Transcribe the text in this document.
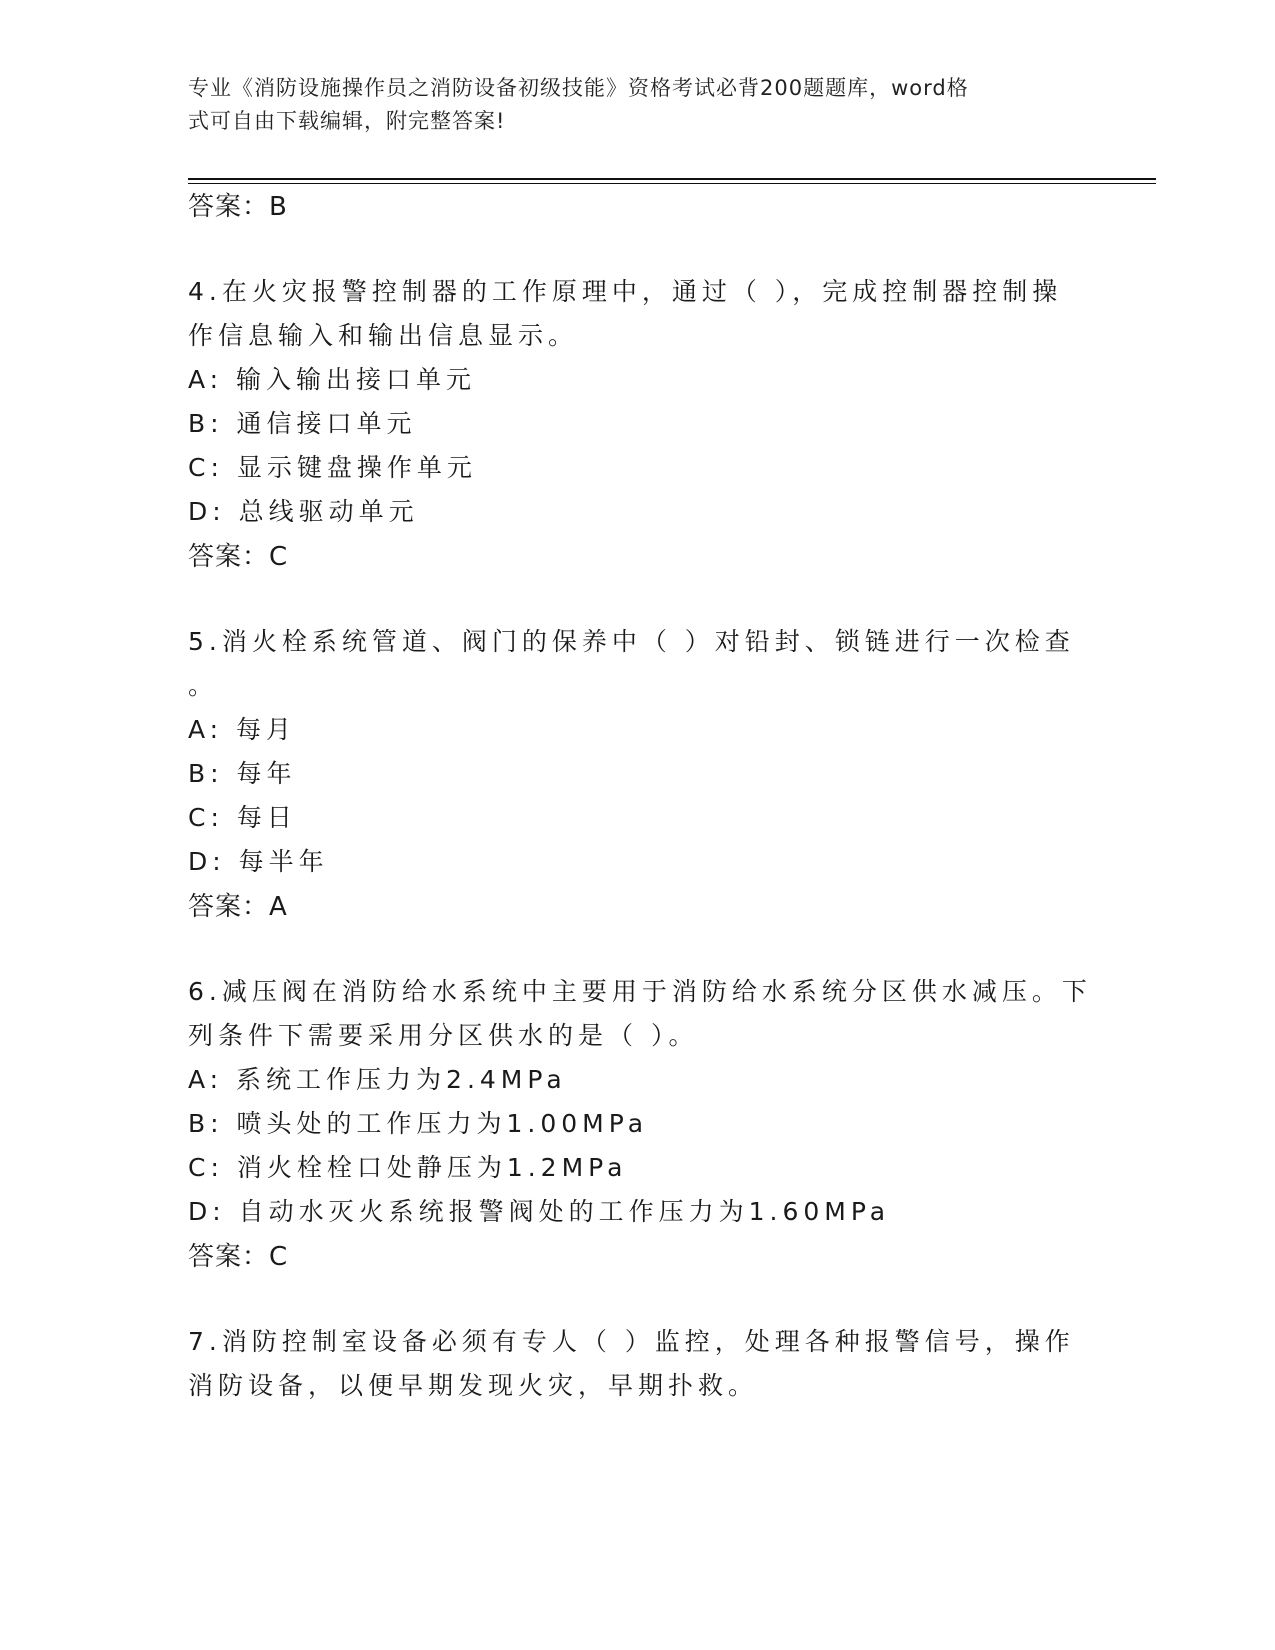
专业《消防设施操作员之消防设备初级技能》资格考试必背200题题库，word格
式可自由下载编辑，附完整答案!
答案：B
4.在火灾报警控制器的工作原理中，通过（ ），完成控制器控制操
作信息输入和输出信息显示。
A: 输入输出接口单元
B: 通信接口单元
C: 显示键盘操作单元
D: 总线驱动单元
答案：C
5.消火栓系统管道、阀门的保养中（ ）对铅封、锁链进行一次检查
。
A: 每月
B: 每年
C: 每日
D: 每半年
答案：A
6.减压阀在消防给水系统中主要用于消防给水系统分区供水减压。下
列条件下需要采用分区供水的是（ ）。
A: 系统工作压力为2.4MPa
B: 喷头处的工作压力为1.00MPa
C: 消火栓栓口处静压为1.2MPa
D: 自动水灭火系统报警阀处的工作压力为1.60MPa
答案：C
7.消防控制室设备必须有专人（ ）监控，处理各种报警信号，操作
消防设备，以便早期发现火灾，早期扑救。
